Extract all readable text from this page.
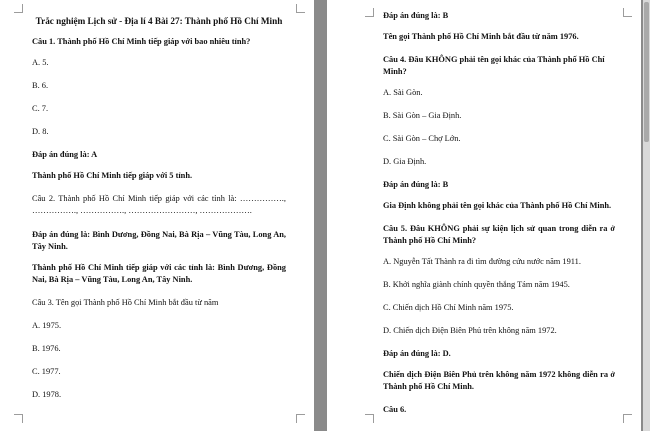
Trắc nghiệm Lịch sử - Địa lí 4 Bài 27: Thành phố Hồ Chí Minh

Câu 1. Thành phố Hồ Chí Minh tiếp giáp với bao nhiêu tỉnh?

A. 5.

B. 6.

C. 7.

D. 8.

Đáp án đúng là: A

Thành phố Hồ Chí Minh tiếp giáp với 5 tỉnh.

Câu 2. Thành phố Hồ Chí Minh tiếp giáp với các tỉnh là: ……………., ……………., ……………., ……………………, ……………….

Đáp án đúng là: Bình Dương, Đồng Nai, Bà Rịa – Vũng Tàu, Long An, Tây Ninh.

Thành phố Hồ Chí Minh tiếp giáp với các tỉnh là: Bình Dương, Đồng Nai, Bà Rịa – Vũng Tàu, Long An, Tây Ninh.

Câu 3. Tên gọi Thành phố Hồ Chí Minh bắt đầu từ năm

A. 1975.

B. 1976.

C. 1977.

D. 1978.

Đáp án đúng là: B

Tên gọi Thành phố Hồ Chí Minh bắt đầu từ năm 1976.

Câu 4. Đâu KHÔNG phải tên gọi khác của Thành phố Hồ Chí Minh?

A. Sài Gòn.

B. Sài Gòn – Gia Định.

C. Sài Gòn – Chợ Lớn.

D. Gia Định.

Đáp án đúng là: B

Gia Định không phải tên gọi khác của Thành phố Hồ Chí Minh.

Câu 5. Đâu KHÔNG phải sự kiện lịch sử quan trong diễn ra ở Thành phố Hồ Chí Minh?

A. Nguyễn Tất Thành ra đi tìm đường cứu nước năm 1911.

B. Khởi nghĩa giành chính quyền thắng Tám năm 1945.

C. Chiến dịch Hồ Chí Minh năm 1975.

D. Chiến dịch Điện Biên Phủ trên không năm 1972.

Đáp án đúng là: D.

Chiến dịch Điện Biên Phủ trên không năm 1972 không diễn ra ở Thành phố Hồ Chí Minh.

Câu 6.
